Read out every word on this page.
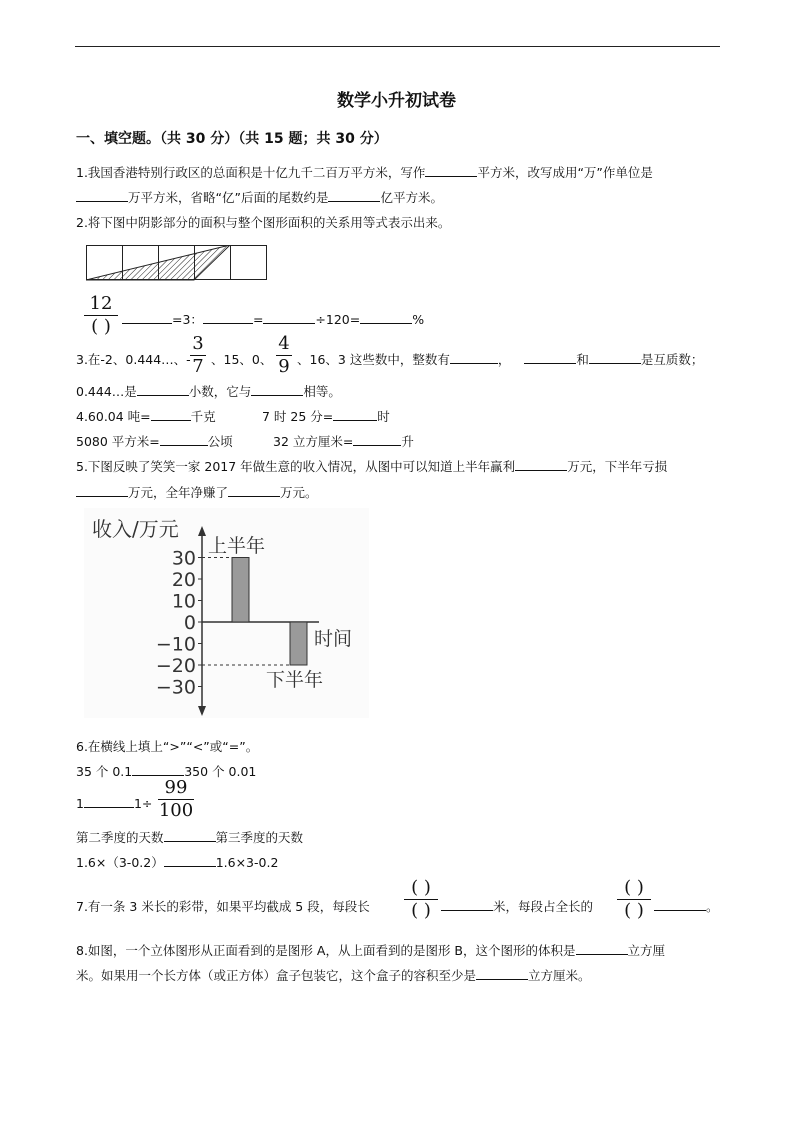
数学小升初试卷
一、填空题。（共 30 分）（共 15 题；共 30 分）
1.我国香港特别行政区的总面积是十亿九千二百万平方米，写作	平方米，改写成用“万”作单位是
万平方米，省略“亿”后面的尾数约是	亿平方米。
2.将下图中阴影部分的面积与整个图形面积的关系用等式表示出来。
12
( )	=3：	=	÷120=	%
3.在-2、0.444…、-
3
7 、15、0、
4
9 、16、3 这些数中，整数有	，	和	是互质数；
0.444…是	小数，它与	相等。
4.60.04 吨=	千克	7 时 25 分=	时
5080 平方米=	公顷	32 立方厘米=	升
5.下图反映了笑笑一家 2017 年做生意的收入情况，从图中可以知道上半年赢利	万元，下半年亏损
万元，全年净赚了	万元。
收入/万元
时间
30
20
10
0
−10
−20
−30
上半年
下半年
6.在横线上填上“>”“<”或“=”。
35 个 0.1	350 个 0.01
1	1÷
99
100
第二季度的天数	第三季度的天数
1.6×（3-0.2）	1.6×3-0.2
7.有一条 3 米长的彩带，如果平均截成 5 段，每段长
( )
( )	米，每段占全长的
( )
( )	。
8.如图，一个立体图形从正面看到的是图形 A，从上面看到的是图形 B，这个图形的体积是	立方厘
米。如果用一个长方体（或正方体）盒子包装它，这个盒子的容积至少是	立方厘米。
